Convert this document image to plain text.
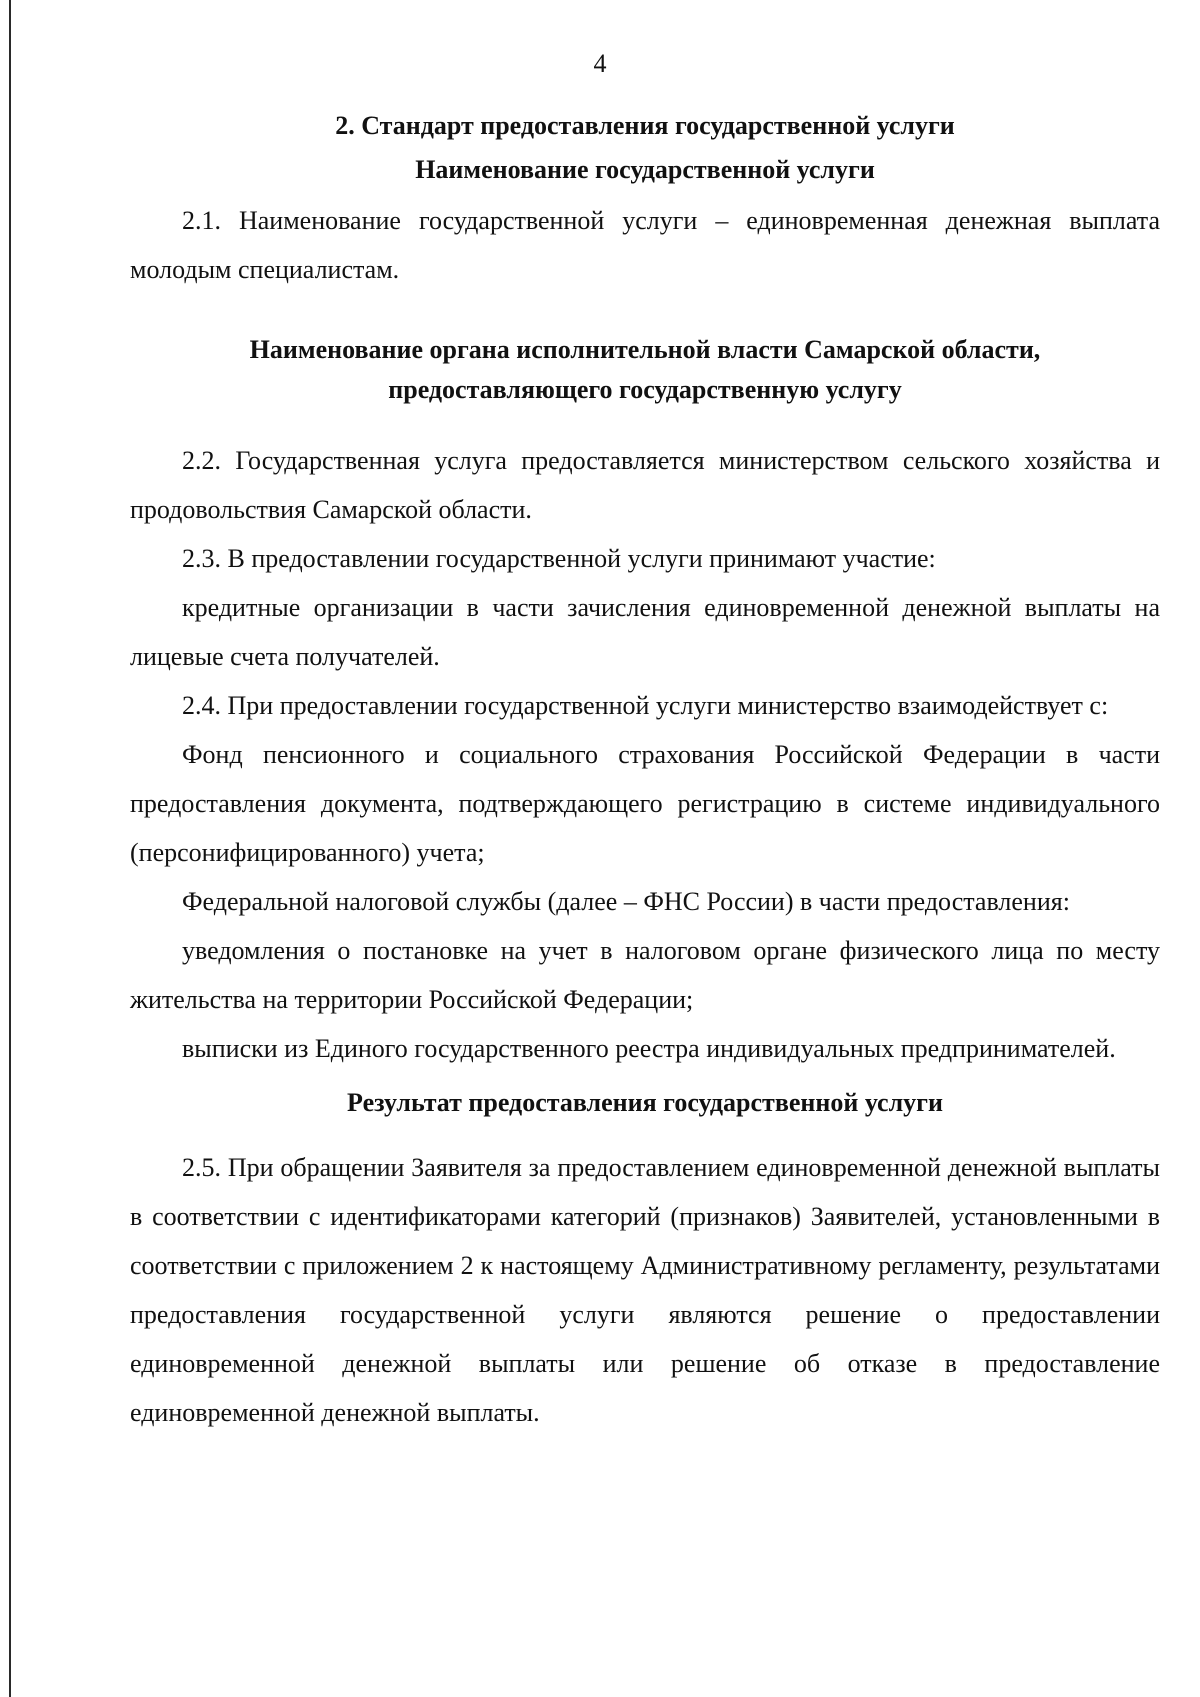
4
2. Стандарт предоставления государственной услуги
Наименование государственной услуги

2.1. Наименование государственной услуги – единовременная денежная выплата молодым специалистам.

Наименование органа исполнительной власти Самарской области, предоставляющего государственную услугу

2.2. Государственная услуга предоставляется министерством сельского хозяйства и продовольствия Самарской области.

2.3. В предоставлении государственной услуги принимают участие:

кредитные организации в части зачисления единовременной денежной выплаты на лицевые счета получателей.

2.4. При предоставлении государственной услуги министерство взаимодействует с:

Фонд пенсионного и социального страхования Российской Федерации в части предоставления документа, подтверждающего регистрацию в системе индивидуального (персонифицированного) учета;

Федеральной налоговой службы (далее – ФНС России) в части предоставления:

уведомления о постановке на учет в налоговом органе физического лица по месту жительства на территории Российской Федерации;

выписки из Единого государственного реестра индивидуальных предпринимателей.

Результат предоставления государственной услуги

2.5. При обращении Заявителя за предоставлением единовременной денежной выплаты в соответствии с идентификаторами категорий (признаков) Заявителей, установленными в соответствии с приложением 2 к настоящему Административному регламенту, результатами предоставления государственной услуги являются решение о предоставлении единовременной денежной выплаты или решение об отказе в предоставление единовременной денежной выплаты.
